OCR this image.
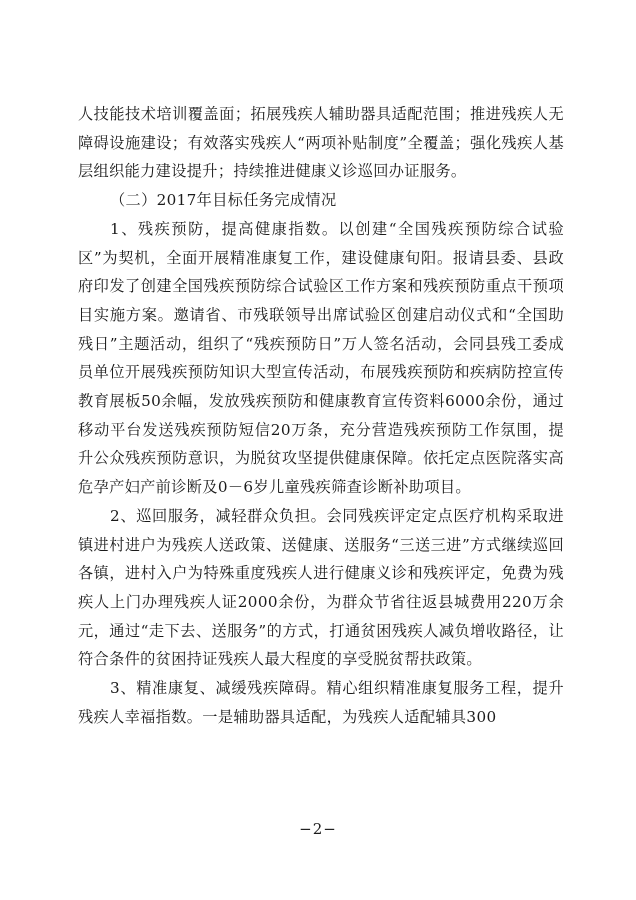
人技能技术培训覆盖面；拓展残疾人辅助器具适配范围；推进残疾人无障碍设施建设；有效落实残疾人“两项补贴制度”全覆盖；强化残疾人基层组织能力建设提升；持续推进健康义诊巡回办证服务。

（二）2017年目标任务完成情况

1、残疾预防，提高健康指数。以创建“全国残疾预防综合试验区”为契机，全面开展精准康复工作，建设健康旬阳。报请县委、县政府印发了创建全国残疾预防综合试验区工作方案和残疾预防重点干预项目实施方案。邀请省、市残联领导出席试验区创建启动仪式和“全国助残日”主题活动，组织了“残疾预防日”万人签名活动，会同县残工委成员单位开展残疾预防知识大型宣传活动，布展残疾预防和疾病防控宣传教育展板50余幅，发放残疾预防和健康教育宣传资料6000余份，通过移动平台发送残疾预防短信20万条，充分营造残疾预防工作氛围，提升公众残疾预防意识，为脱贫攻坚提供健康保障。依托定点医院落实高危孕产妇产前诊断及0－6岁儿童残疾筛查诊断补助项目。

2、巡回服务，减轻群众负担。会同残疾评定定点医疗机构采取进镇进村进户为残疾人送政策、送健康、送服务“三送三进”方式继续巡回各镇，进村入户为特殊重度残疾人进行健康义诊和残疾评定，免费为残疾人上门办理残疾人证2000余份，为群众节省往返县城费用220万余元，通过“走下去、送服务”的方式，打通贫困残疾人减负增收路径，让符合条件的贫困持证残疾人最大程度的享受脱贫帮扶政策。

3、精准康复、减缓残疾障碍。精心组织精准康复服务工程，提升残疾人幸福指数。一是辅助器具适配，为残疾人适配辅具300

−2−
